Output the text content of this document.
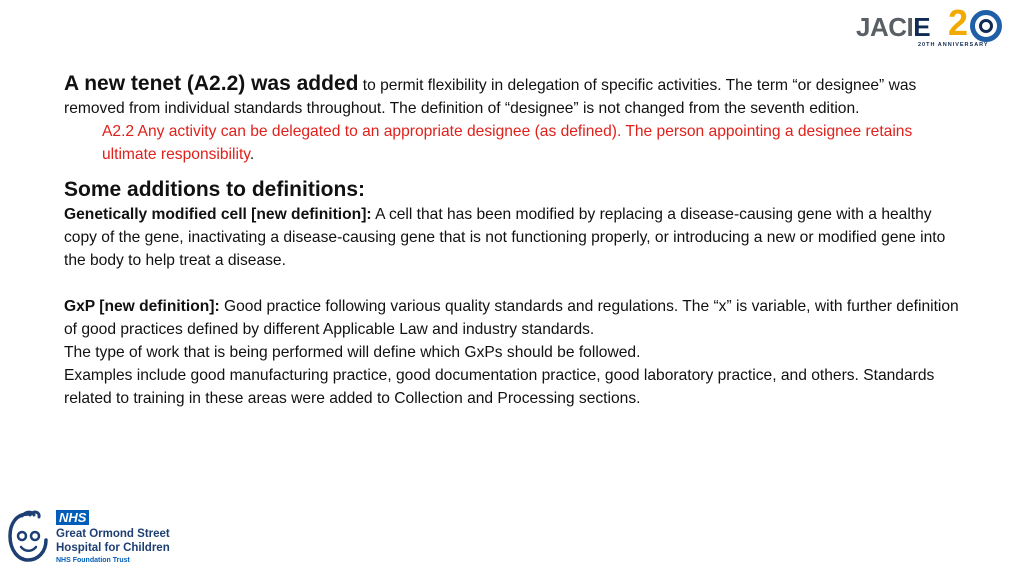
JACIE 2
20TH ANNIVERSARY

A new tenet (A2.2) was added to permit flexibility in delegation of specific activities. The term “or designee” was removed from individual standards throughout. The definition of “designee” is not changed from the seventh edition.

A2.2 Any activity can be delegated to an appropriate designee (as defined). The person appointing a designee retains ultimate responsibility.

Some additions to definitions:

Genetically modified cell [new definition]: A cell that has been modified by replacing a disease-causing gene with a healthy copy of the gene, inactivating a disease-causing gene that is not functioning properly, or introducing a new or modified gene into the body to help treat a disease.

GxP [new definition]: Good practice following various quality standards and regulations. The “x” is variable, with further definition of good practices defined by different Applicable Law and industry standards.

The type of work that is being performed will define which GxPs should be followed.

Examples include good manufacturing practice, good documentation practice, good laboratory practice, and others. Standards related to training in these areas were added to Collection and Processing sections.

NHS
Great Ormond Street
Hospital for Children
NHS Foundation Trust
